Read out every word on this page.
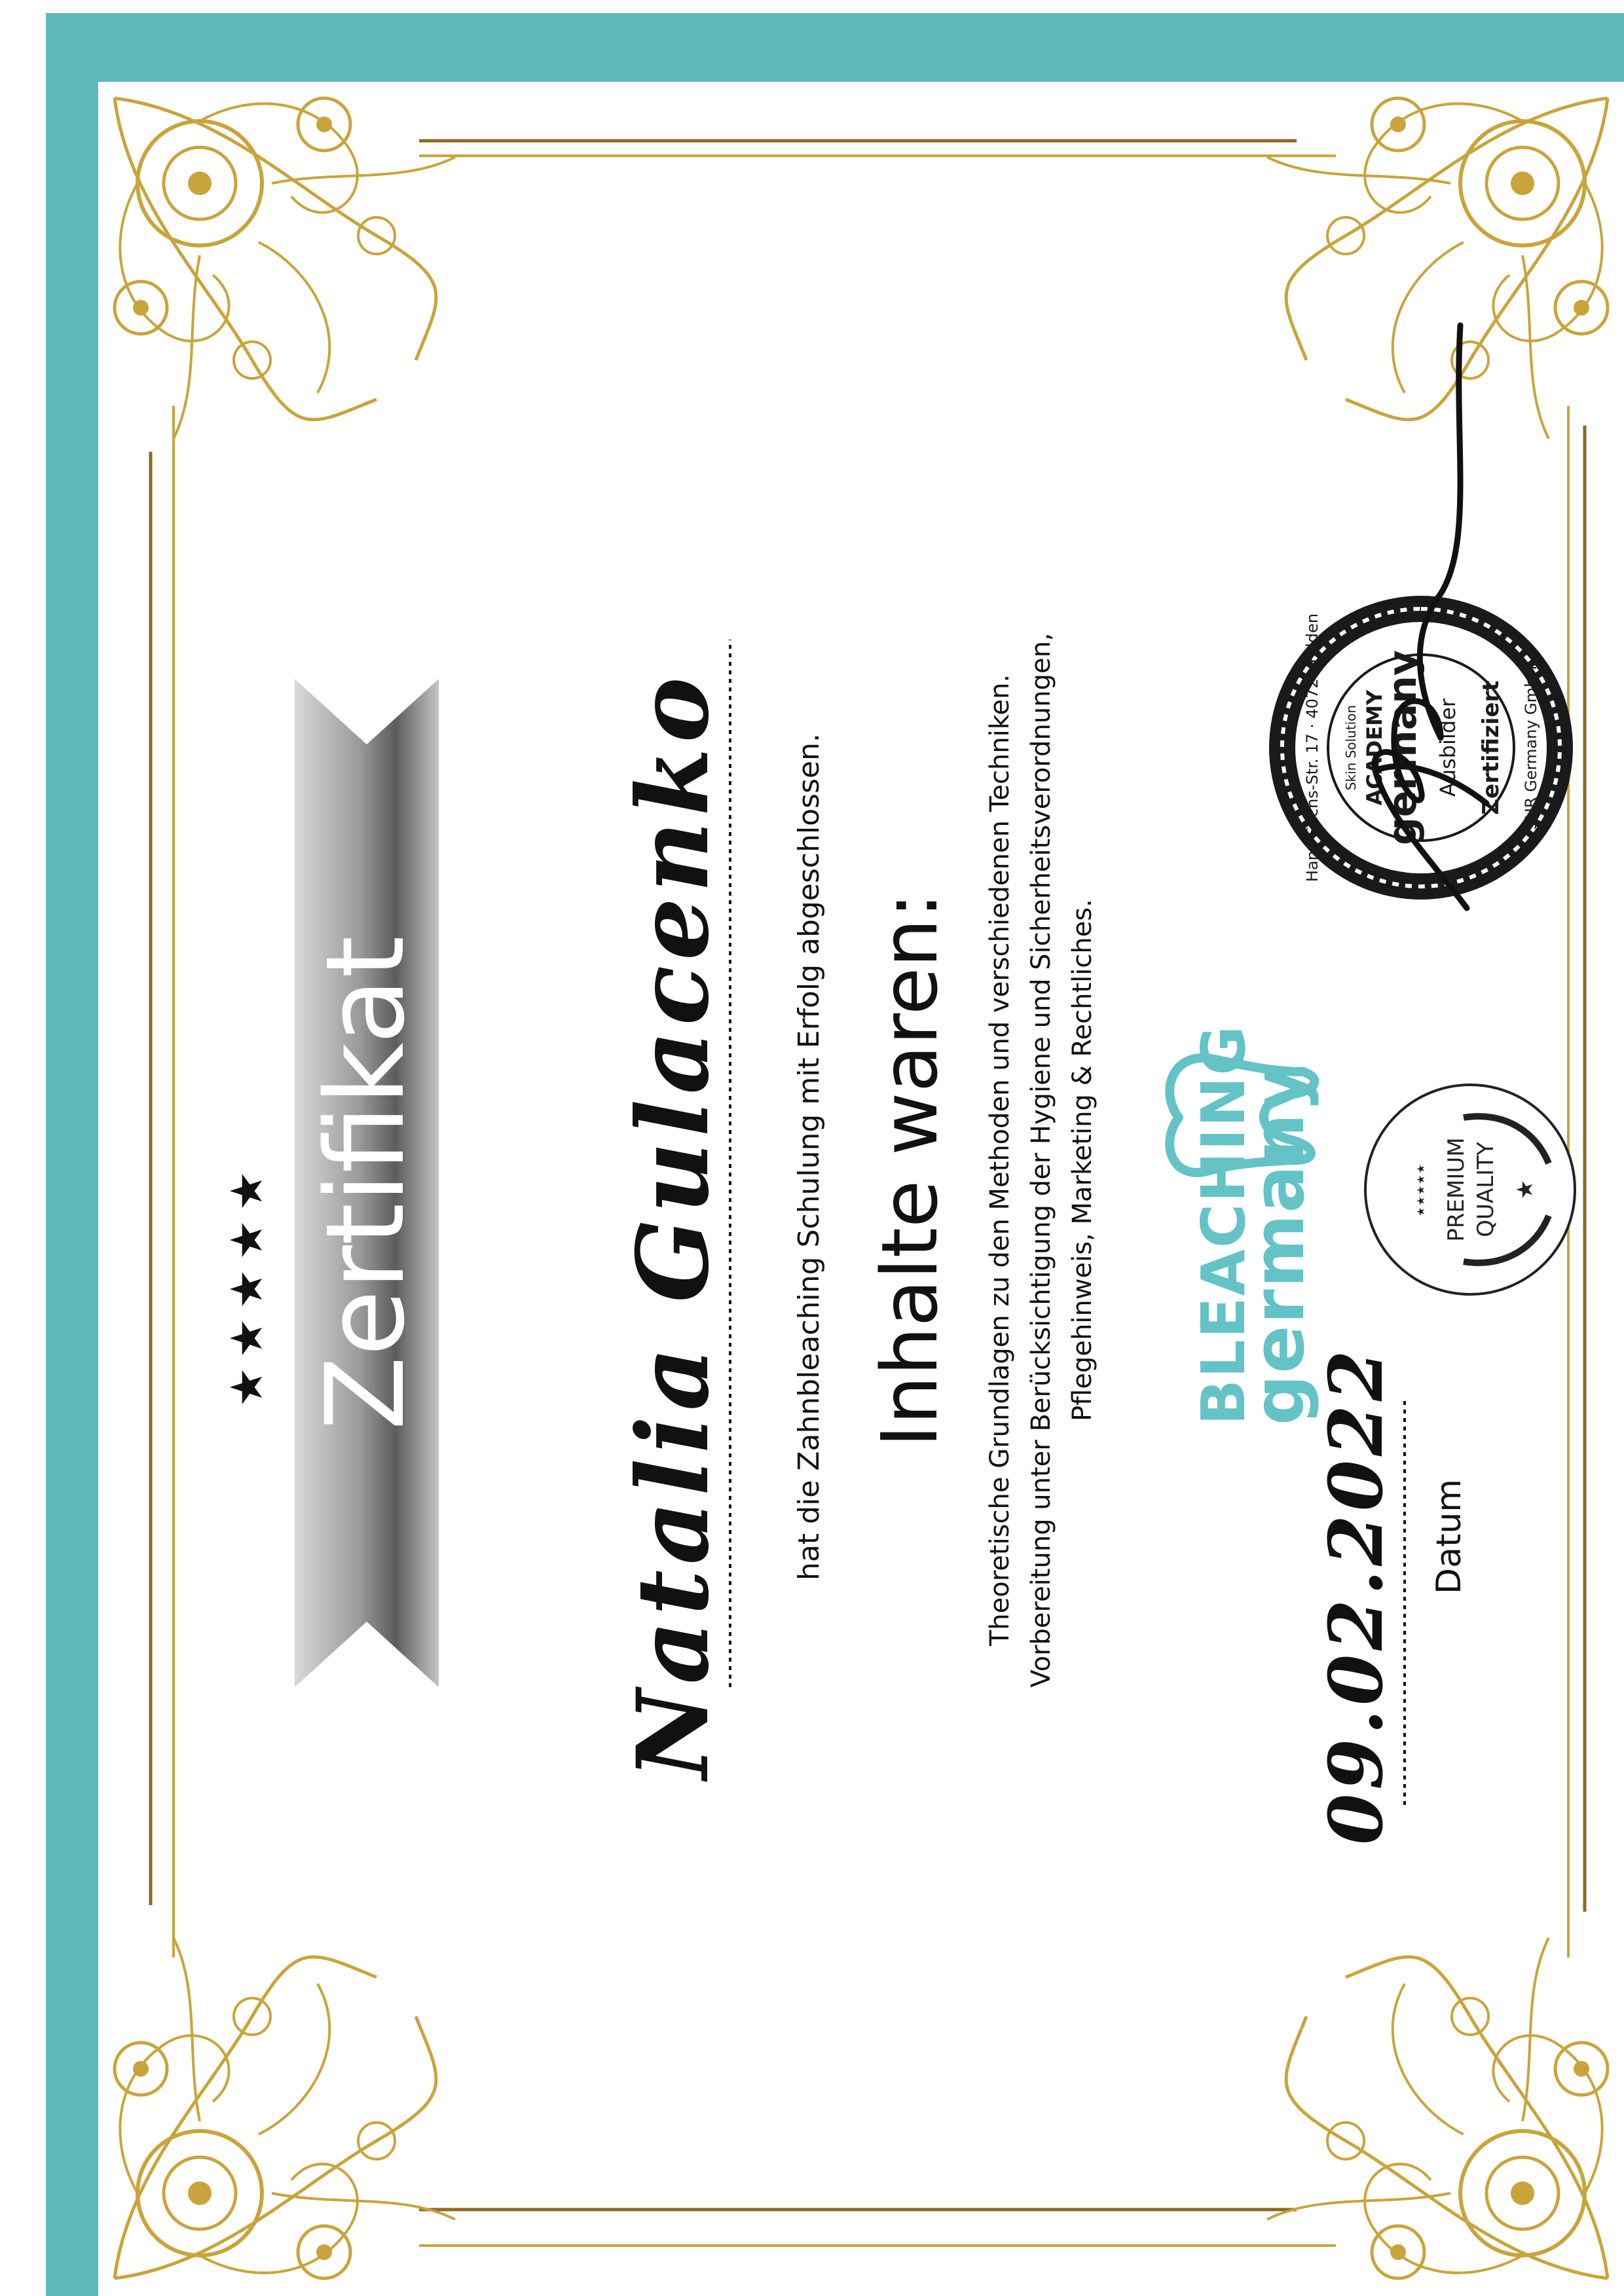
★★★★★ Zertifikat Natalia Gulacenko hat die Zahnbleaching Schulung mit Erfolg abgeschlossen. Inhalte waren: Theoretische Grundlagen zu den Methoden und verschiedenen Techniken. Vorbereitung unter Berücksichtigung der Hygiene und Sicherheitsverordnungen, Pflegehinweis, Marketing & Rechtliches.
09.02.2022 Datum
BLEACHING
germany	★★★★★ PREMIUM QUALITY ★
Hans-Sachs-Str. 17 · 40721 Hilden	SHR Germany GmbH
Skin Solution ACADEMY
germany Ausbilder Zertifiziert
